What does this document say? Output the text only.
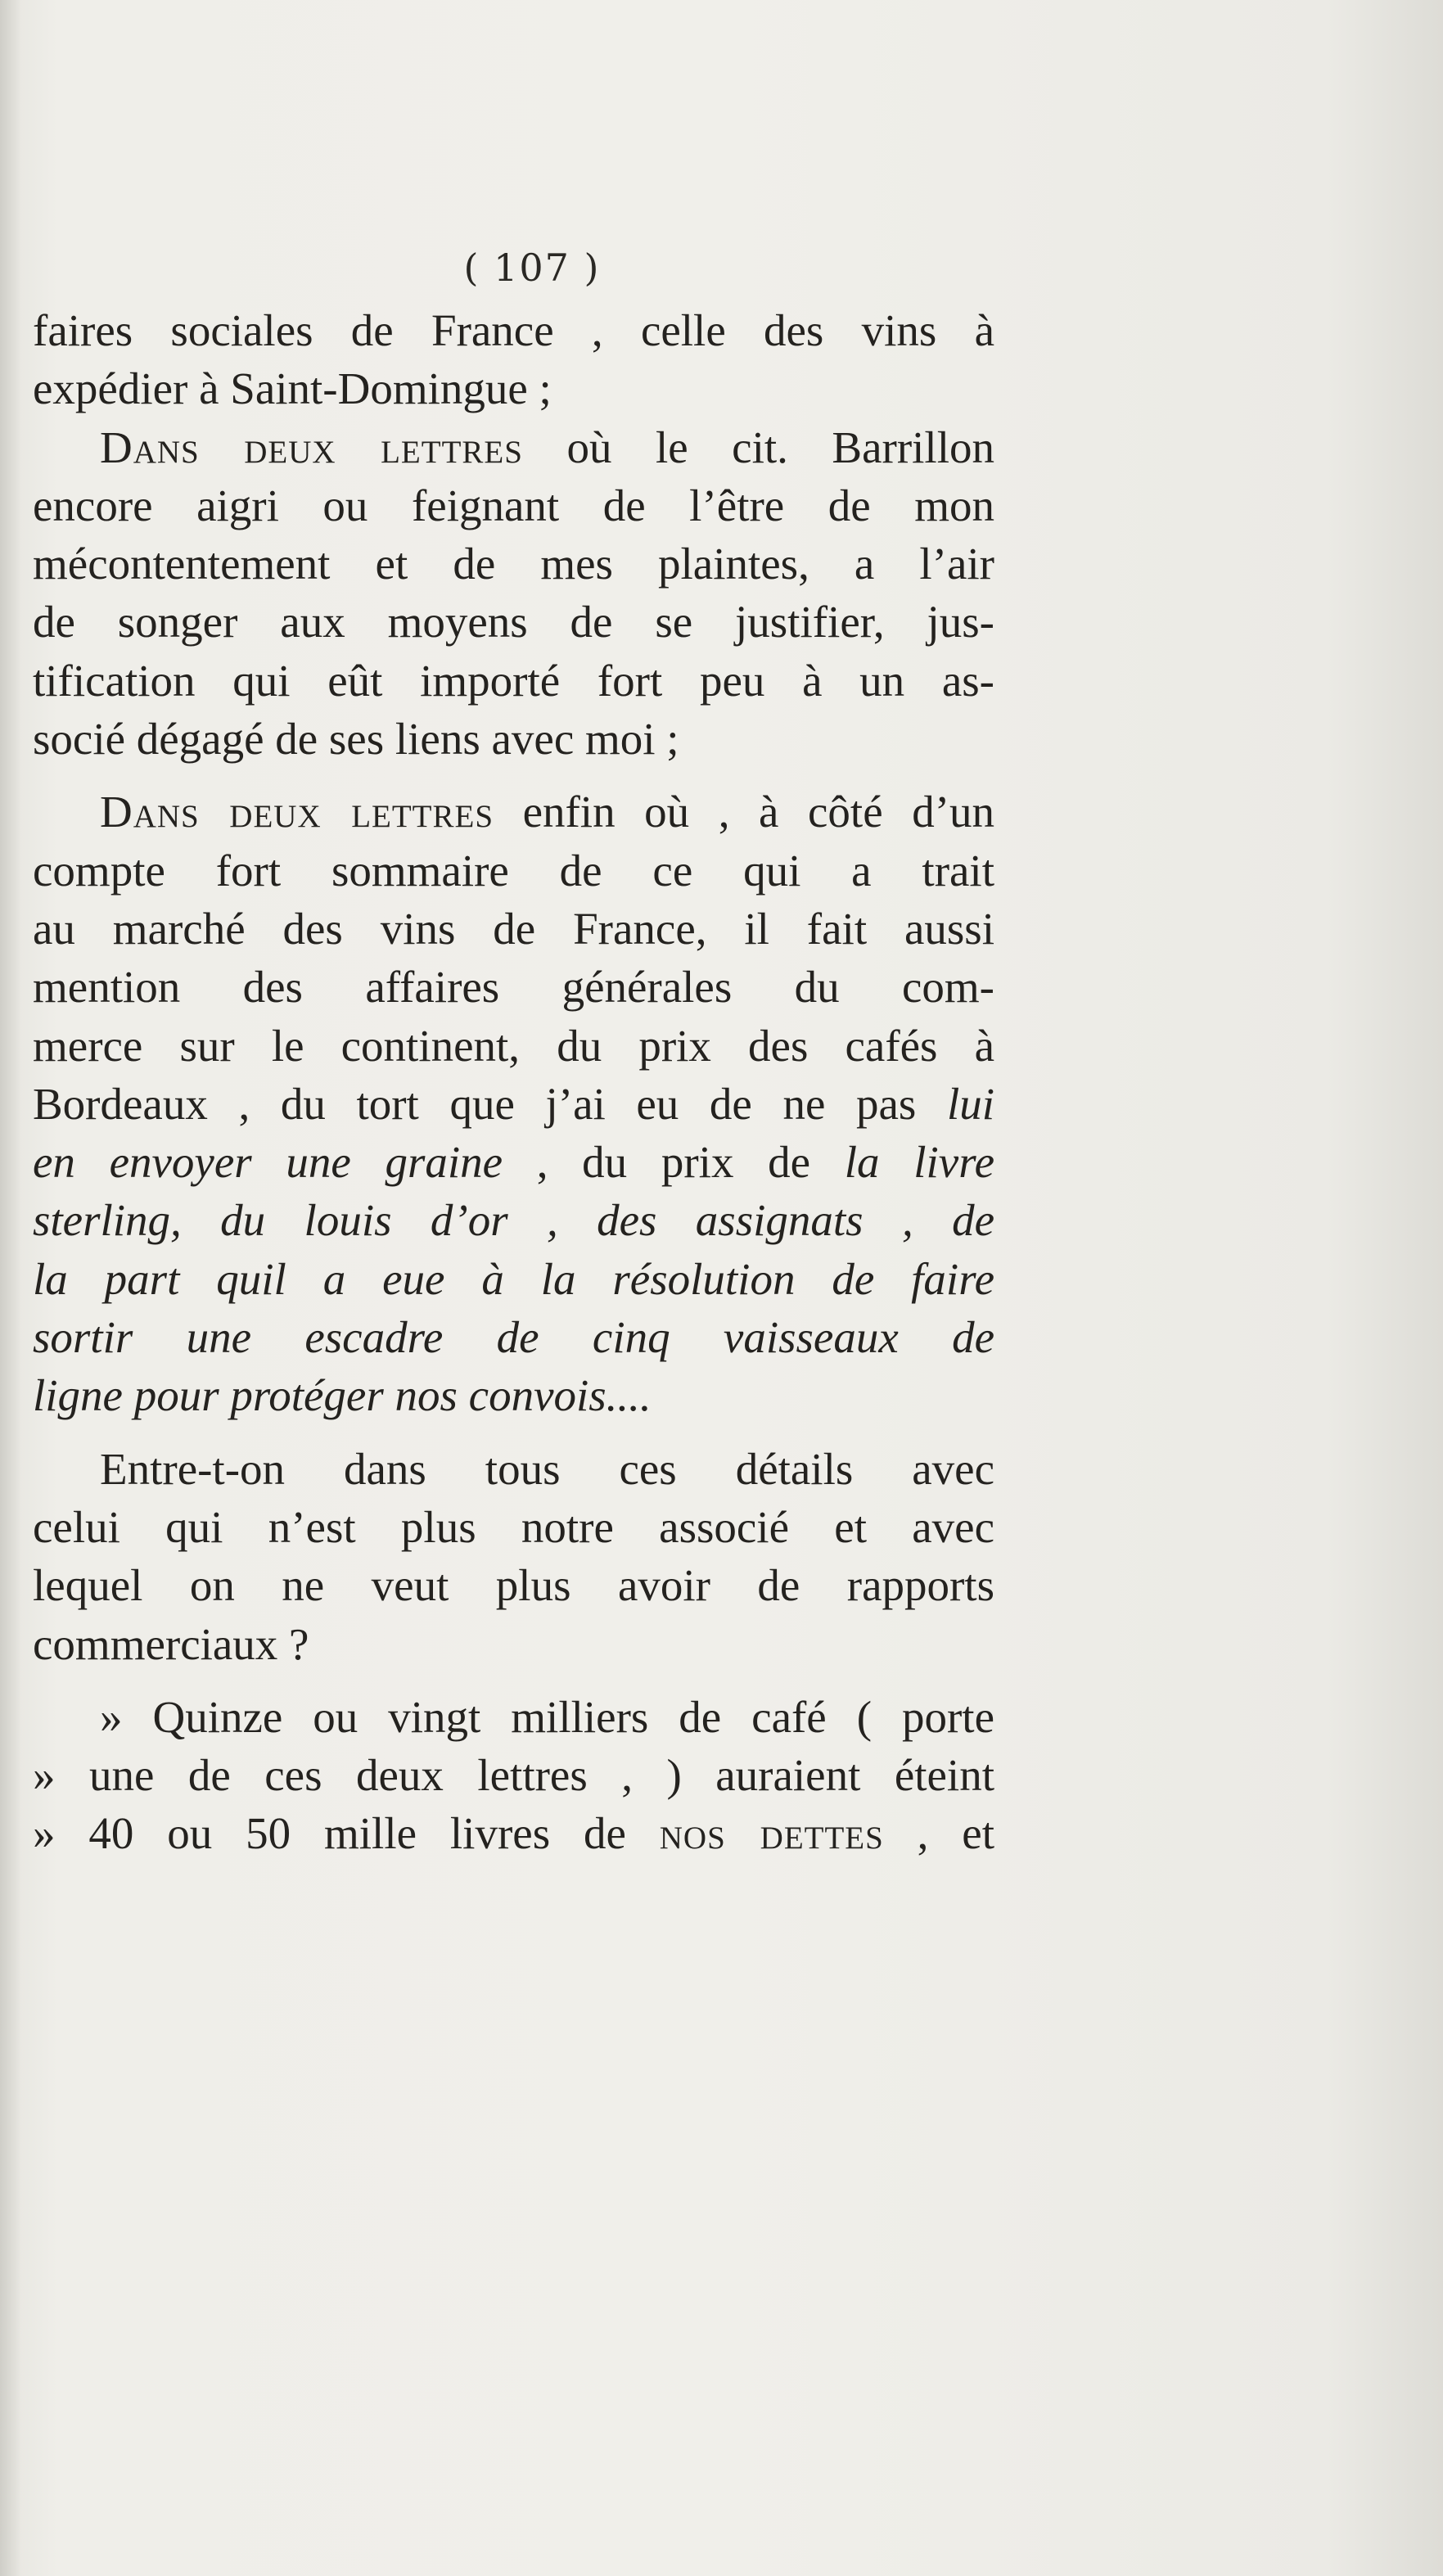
( 107 )
faires sociales de France , celle des vins à
expédier à Saint-Domingue ;
Dans deux lettres où le cit. Barrillon
encore aigri ou feignant de l’être de mon
mécontentement et de mes plaintes, a l’air
de songer aux moyens de se justifier, jus-
tification qui eût importé fort peu à un as-
socié dégagé de ses liens avec moi ;
Dans deux lettres enfin où , à côté d’un
compte fort sommaire de ce qui a trait
au marché des vins de France, il fait aussi
mention des affaires générales du com-
merce sur le continent, du prix des cafés à
Bordeaux , du tort que j’ai eu de ne pas lui
en envoyer une graine , du prix de la livre
sterling, du louis d’or , des assignats , de
la part quil a eue à la résolution de faire
sortir une escadre de cinq vaisseaux de
ligne pour protéger nos convois....
Entre-t-on dans tous ces détails avec
celui qui n’est plus notre associé et avec
lequel on ne veut plus avoir de rapports
commerciaux ?
» Quinze ou vingt milliers de café ( porte
» une de ces deux lettres , ) auraient éteint
» 40 ou 50 mille livres de nos dettes , et
